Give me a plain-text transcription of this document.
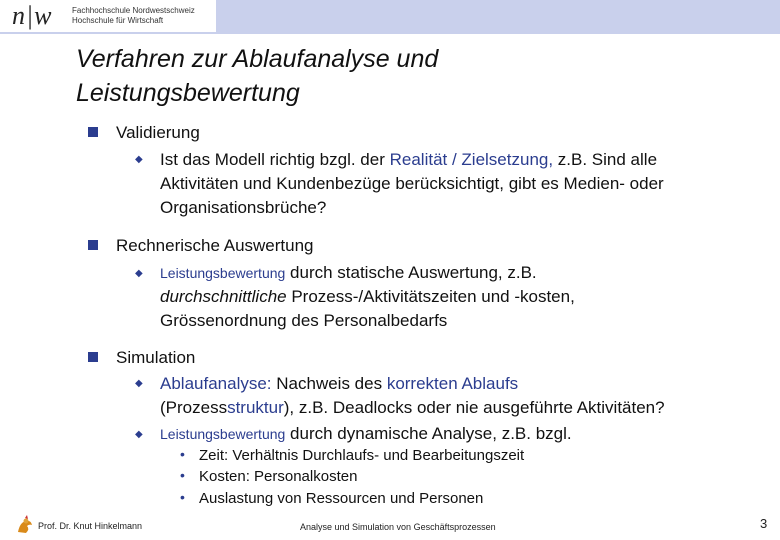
n|w Fachhochschule Nordwestschweiz
Hochschule für Wirtschaft
Verfahren zur Ablaufanalyse und
Leistungsbewertung
Validierung
◆ Ist das Modell richtig bzgl. der Realität / Zielsetzung, z.B. Sind alle
Aktivitäten und Kundenbezüge berücksichtigt, gibt es Medien- oder
Organisationsbrüche?
Rechnerische Auswertung
◆ Leistungsbewertung durch statische Auswertung, z.B.
durchschnittliche Prozess-/Aktivitätszeiten und -kosten,
Grössenordnung des Personalbedarfs
Simulation
◆ Ablaufanalyse: Nachweis des korrekten Ablaufs
(Prozessstruktur), z.B. Deadlocks oder nie ausgeführte Aktivitäten?
◆ Leistungsbewertung durch dynamische Analyse, z.B. bzgl.
• Zeit: Verhältnis Durchlaufs- und Bearbeitungszeit
• Kosten: Personalkosten
• Auslastung von Ressourcen und Personen
Prof. Dr. Knut Hinkelmann	Analyse und Simulation von Geschäftsprozessen	3
